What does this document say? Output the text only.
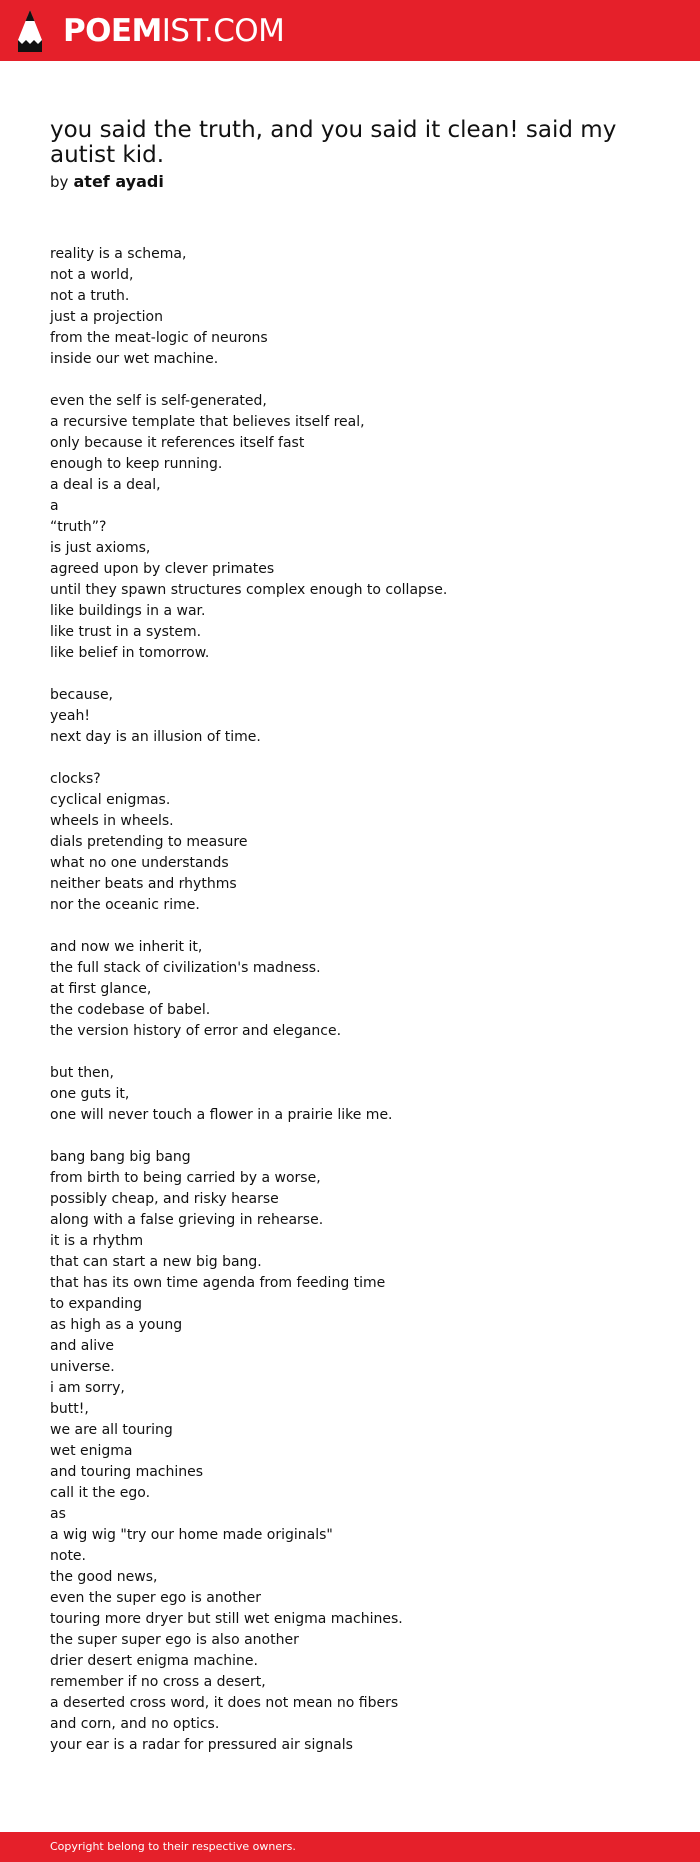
POEMIST.COM
you said the truth, and you said it clean! said my autist kid.
by atef ayadi
reality is a schema,
not a world,
not a truth.
just a projection
from the meat-logic of neurons
inside our wet machine.
even the self is self-generated,
a recursive template that believes itself real,
only because it references itself fast
enough to keep running.
a deal is a deal,
a
“truth”?
is just axioms,
agreed upon by clever primates
until they spawn structures complex enough to collapse.
like buildings in a war.
like trust in a system.
like belief in tomorrow.
because,
yeah!
next day is an illusion of time.
clocks?
cyclical enigmas.
wheels in wheels.
dials pretending to measure
what no one understands
neither beats and rhythms
nor the oceanic rime.
and now we inherit it,
the full stack of civilization's madness.
at first glance,
the codebase of babel.
the version history of error and elegance.
but then,
one guts it,
one will never touch a flower in a prairie like me.
bang bang big bang
from birth to being carried by a worse,
possibly cheap, and risky hearse
along with a false grieving in rehearse.
it is a rhythm
that can start a new big bang.
that has its own time agenda from feeding time
to expanding
as high as a young
and alive
universe.
i am sorry,
butt!,
we are all touring
wet enigma
and touring machines
call it the ego.
as
a wig wig "try our home made originals"
note.
the good news,
even the super ego is another
touring more dryer but still wet enigma machines.
the super super ego is also another
drier desert enigma machine.
remember if no cross a desert,
a deserted cross word, it does not mean no fibers
and corn, and no optics.
your ear is a radar for pressured air signals
Copyright belong to their respective owners.
